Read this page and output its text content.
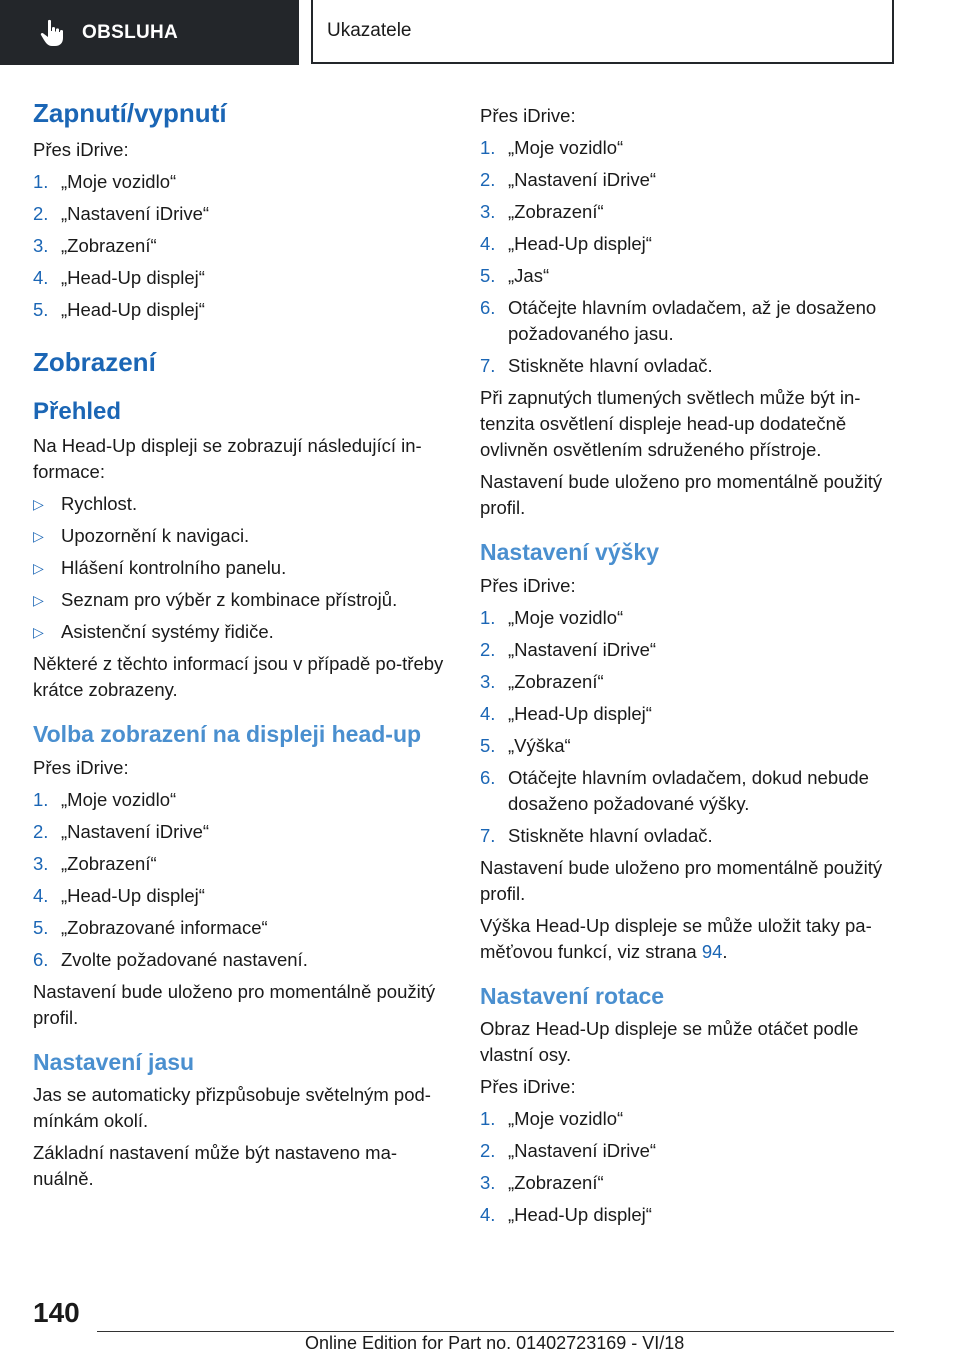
OBSLUHA	Ukazatele
Zapnutí/vypnutí

Přes iDrive:

1. „Moje vozidlo“
2. „Nastavení iDrive“
3. „Zobrazení“
4. „Head-Up displej“
5. „Head-Up displej“
Zobrazení
Přehled

Na Head-Up displeji se zobrazují následující in-formace:

▷ Rychlost.
▷ Upozornění k navigaci.
▷ Hlášení kontrolního panelu.
▷ Seznam pro výběr z kombinace přístrojů.
▷ Asistenční systémy řidiče.

Některé z těchto informací jsou v případě po-třeby krátce zobrazeny.

Volba zobrazení na displeji head-up

Přes iDrive:

1. „Moje vozidlo“
2. „Nastavení iDrive“
3. „Zobrazení“
4. „Head-Up displej“
5. „Zobrazované informace“
6. Zvolte požadované nastavení.

Nastavení bude uloženo pro momentálně použitý profil.

Nastavení jasu

Jas se automaticky přizpůsobuje světelným pod-mínkám okolí.

Základní nastavení může být nastaveno ma-nuálně.

Přes iDrive:

1. „Moje vozidlo“
2. „Nastavení iDrive“
3. „Zobrazení“
4. „Head-Up displej“
5. „Jas“
6. Otáčejte hlavním ovladačem, až je dosaženo požadovaného jasu.
7. Stiskněte hlavní ovladač.

Při zapnutých tlumených světlech může být in-tenzita osvětlení displeje head-up dodatečně ovlivněn osvětlením sdruženého přístroje.

Nastavení bude uloženo pro momentálně použitý profil.

Nastavení výšky

Přes iDrive:

1. „Moje vozidlo“
2. „Nastavení iDrive“
3. „Zobrazení“
4. „Head-Up displej“
5. „Výška“
6. Otáčejte hlavním ovladačem, dokud nebude dosaženo požadované výšky.
7. Stiskněte hlavní ovladač.

Nastavení bude uloženo pro momentálně použitý profil.

Výška Head-Up displeje se může uložit taky pa-měťovou funkcí, viz strana 94.

Nastavení rotace

Obraz Head-Up displeje se může otáčet podle vlastní osy.

Přes iDrive:

1. „Moje vozidlo“
2. „Nastavení iDrive“
3. „Zobrazení“
4. „Head-Up displej“
140
Online Edition for Part no. 01402723169 - VI/18
